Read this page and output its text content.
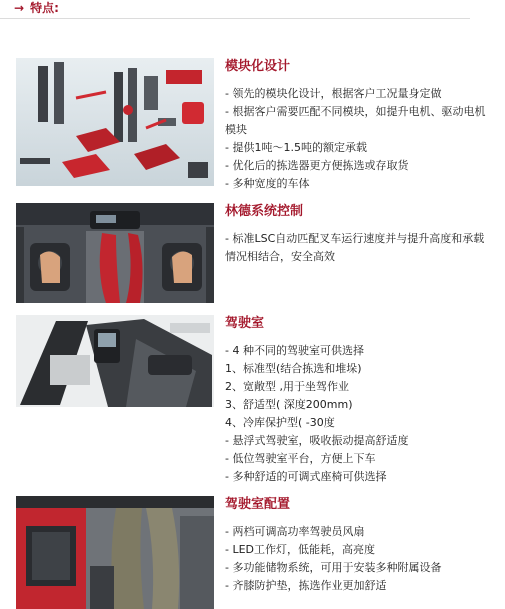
→ 特点:
模块化设计
- 领先的模块化设计，根据客户工况量身定做
- 根据客户需要匹配不同模块，如提升电机、驱动电机模块
- 提供1吨～1.5吨的额定承载
- 优化后的拣选器更方便拣选或存取货
- 多种宽度的车体
林德系统控制
- 标准LSC自动匹配叉车运行速度并与提升高度和承载情况相结合，安全高效
驾驶室
- 4 种不同的驾驶室可供选择
1、标准型(结合拣选和堆垛)
2、宽敞型 ,用于坐驾作业
3、舒适型( 深度200mm)
4、冷库保护型( -30度
- 悬浮式驾驶室，吸收振动提高舒适度
- 低位驾驶室平台，方便上下车
- 多种舒适的可调式座椅可供选择
驾驶室配置
- 两档可调高功率驾驶员风扇
- LED工作灯，低能耗，高亮度
- 多功能储物系统，可用于安装多种附属设备
- 齐膝防护垫，拣选作业更加舒适
